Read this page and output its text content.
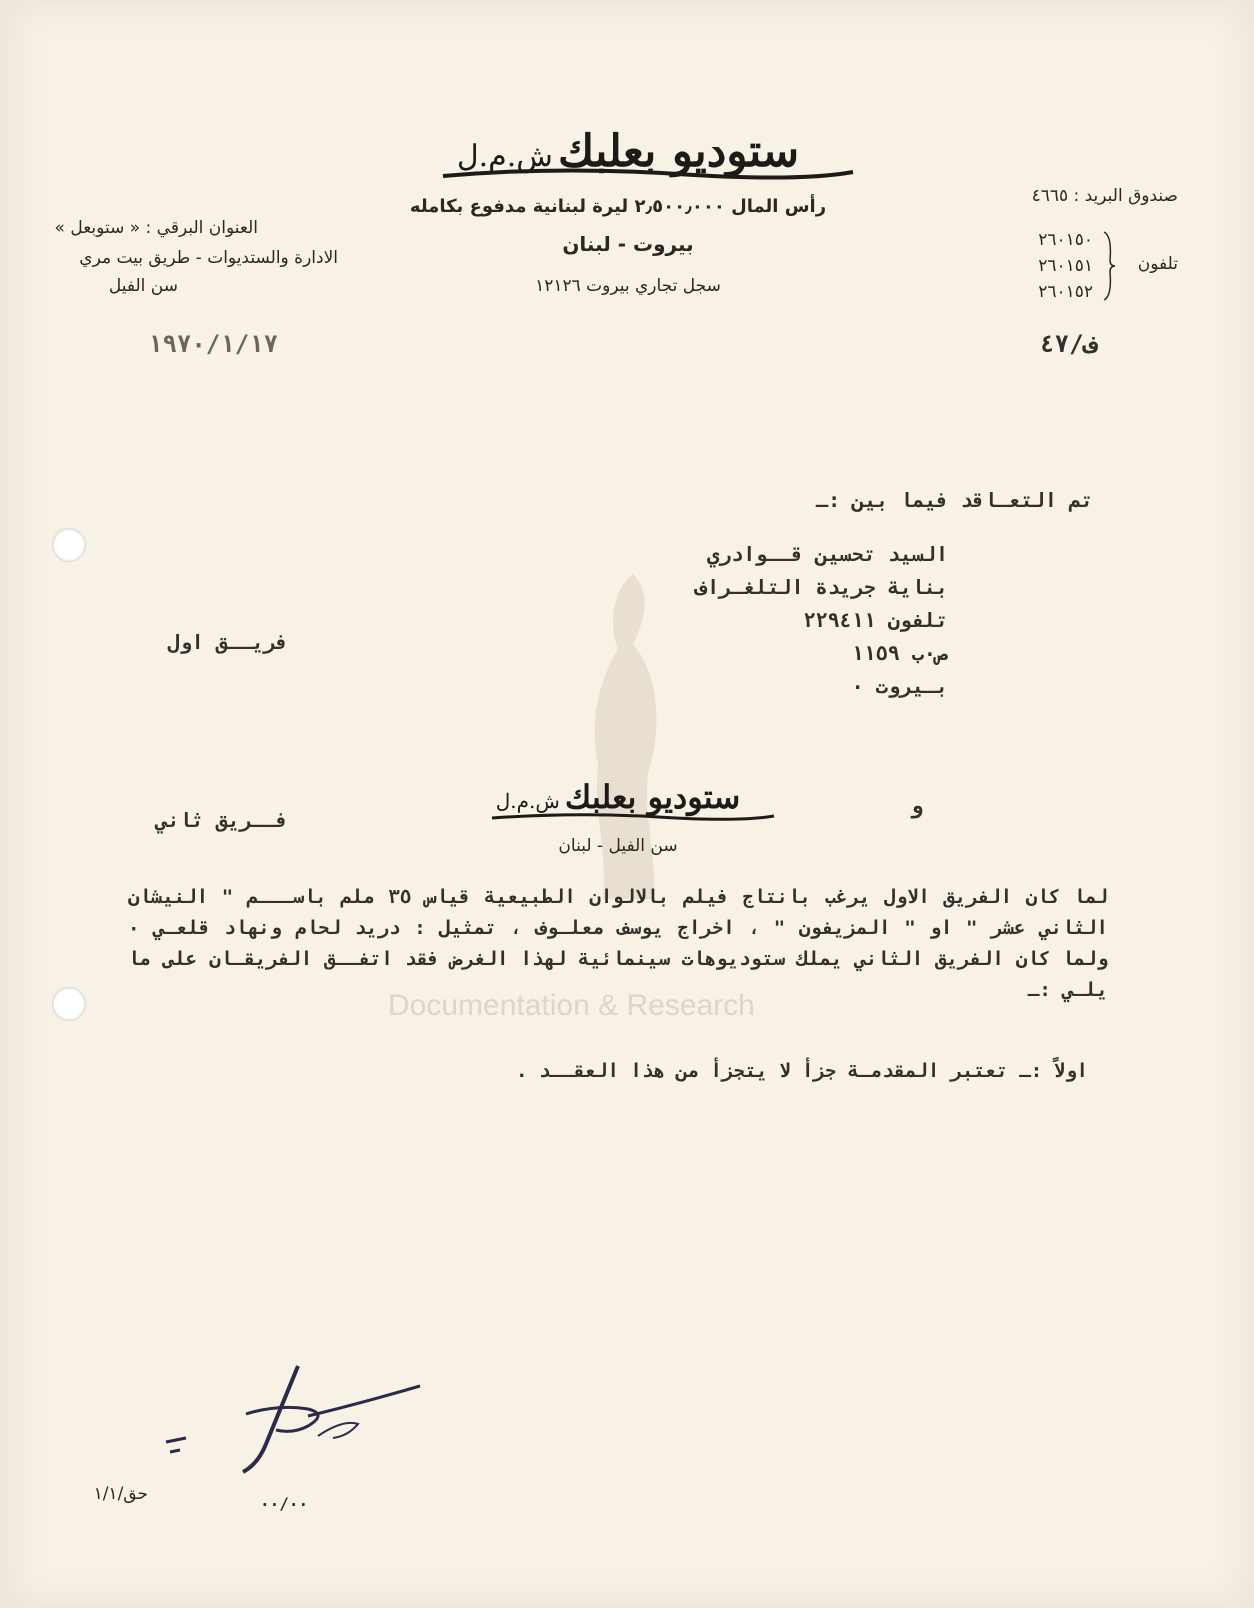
Documentation & Research
ستوديو بعلبك ش.م.ل
رأس المال ٢٫٥٠٠٫٠٠٠ ليرة لبنانية مدفوع بكامله
بيروت - لبنان
سجل تجاري بيروت ١٢١٢٦
العنوان البرقي : « ستوبعل »
الادارة والستديوات - طريق بيت مري
سن الفيل
صندوق البريد : ٤٦٦٥
تلفون
٢٦٠١٥٠
٢٦٠١٥١
٢٦٠١٥٢
١٩٧٠/١/١٧	ف/٤٧
تم التعـاقد فيما بين :ـ
السيد تحسين قــوادري
بناية جريدة التلغـراف
تلفون ٢٢٩٤١١
ص٠ب ١١٥٩
بـيروت ٠
فريــق اول
و
ستوديو بعلبك ش.م.ل
سن الفيل - لبنان
فــريق ثاني
لما كان الفريق الاول يرغب بانتاج فيلم بالالوان الطبيعية قياس ٣٥ ملم باســـم " النيشان الثاني عشر " او " المزيفون " ، اخراج يوسف معلـوف ، تمثيل : دريد لحام ونهاد قلعـي ٠ ولما كان الفريق الثاني يملك ستوديوهات سينمائية لهذا الغرض فقد اتفــق الفريقـان على ما يلـي :ـ
اولاً :ـ تعتبر المقدمـة جزأ لا يتجزأ من هذا العقــد .
حق/١/١	٠٠/٠٠
